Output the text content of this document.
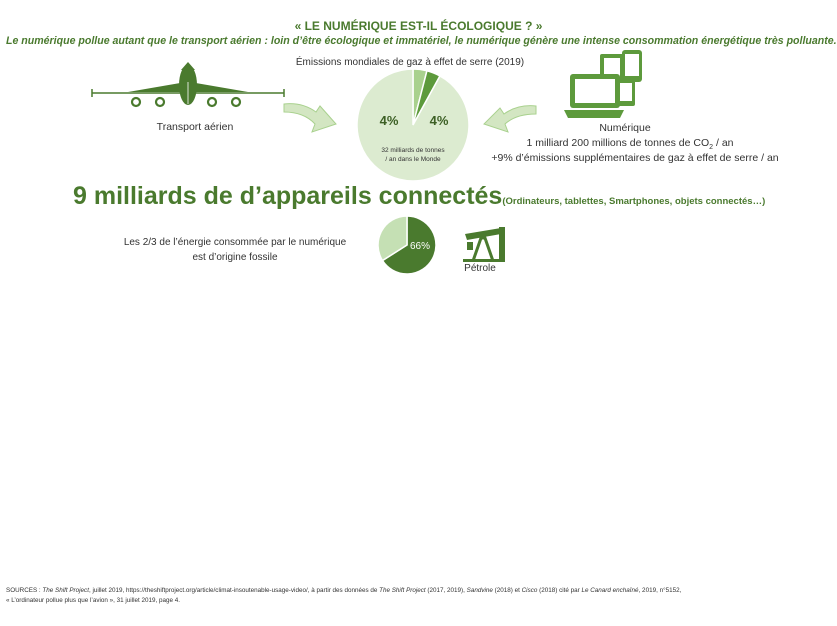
« LE NUMÉRIQUE EST-IL ÉCOLOGIQUE ? »
Le numérique pollue autant que le transport aérien : loin d’être écologique et immatériel, le numérique génère une intense consommation énergétique très polluante.
Émissions mondiales de gaz à effet de serre (2019)
Transport aérien	4% 4%
32 milliards de tonnes
/ an dans le Monde
Numérique
1 milliard 200 millions de tonnes de $CO_2$ / an
+9% d’émissions supplémentaires de gaz à effet de serre / an
9 milliards de d’appareils connectés(Ordinateurs, tablettes, Smartphones, objets connectés…)
Les 2/3 de l’énergie consommée par le numérique
est d’origine fossile
66%
Pétrole
SOURCES : The Shift Project, juillet 2019, https://theshiftproject.org/article/climat-insoutenable-usage-video/, à partir des données de The Shift Project (2017, 2019), Sandvine (2018) et Cisco (2018) cité par Le Canard enchaîné, 2019, n°5152,
« L’ordinateur pollue plus que l’avion », 31 juillet 2019, page 4.
